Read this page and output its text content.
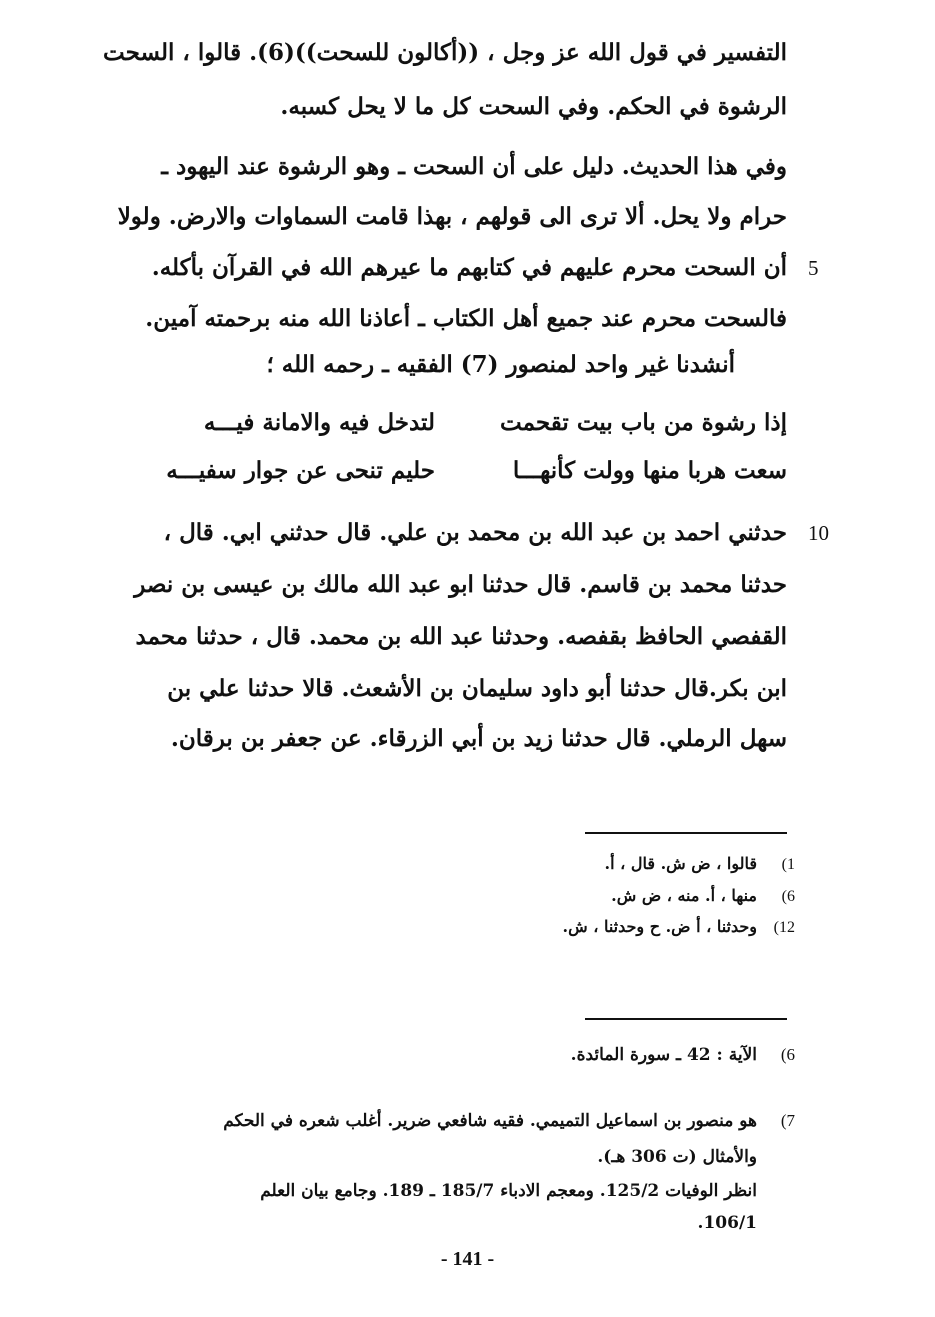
التفسير في قول الله عز وجل ، ((أكالون للسحت))(6). قالوا ، السحت
الرشوة في الحكم. وفي السحت كل ما لا يحل كسبه.
وفي هذا الحديث. دليل على أن السحت ـ وهو الرشوة عند اليهود ـ
حرام ولا يحل. ألا ترى الى قولهم ، بهذا قامت السماوات والارض. ولولا
أن السحت محرم عليهم في كتابهم ما عيرهم الله في القرآن بأكله. 5
فالسحت محرم عند جميع أهل الكتاب ـ أعاذنا الله منه برحمته آمين.
أنشدنا غير واحد لمنصور (7) الفقيه ـ رحمه الله ؛
إذا رشوة من باب بيت تقحمت
لتدخل فيه والامانة فيـــه
سعت هربا منها وولت كأنهـــا
حليم تنحى عن جوار سفيـــه
10
حدثني احمد بن عبد الله بن محمد بن علي. قال حدثني ابي. قال ،
حدثنا محمد بن قاسم. قال حدثنا ابو عبد الله مالك بن عيسى بن نصر
القفصي الحافظ بقفصه. وحدثنا عبد الله بن محمد. قال ، حدثنا محمد
ابن بكر.قال حدثنا أبو داود سليمان بن الأشعث. قالا حدثنا علي بن
سهل الرملي. قال حدثنا زيد بن أبي الزرقاء. عن جعفر بن برقان.
1)قالوا ، ض ش. قال ، أ.
6)منها ، أ. منه ، ض ش.
12)وحدثنا ، أ ض. ح وحدثنا ، ش.
6)الآية : 42 ـ سورة المائدة.
7)هو منصور بن اسماعيل التميمي. فقيه شافعي ضرير. أغلب شعره في الحكم
والأمثال (ت 306 هـ).
انظر الوفيات 125/2. ومعجم الادباء 185/7 ـ 189. وجامع بيان العلم
106/1.
- 141 -
